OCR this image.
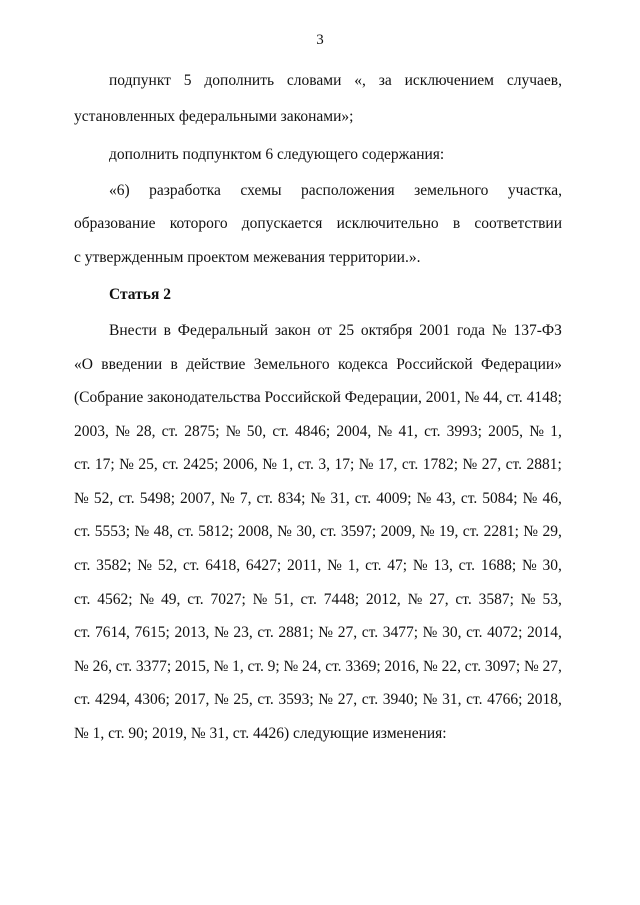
3
подпункт 5 дополнить словами «, за исключением случаев,
установленных федеральными законами»;
дополнить подпунктом 6 следующего содержания:
«6) разработка схемы расположения земельного участка,
образование которого допускается исключительно в соответствии
с утвержденным проектом межевания территории.».
Статья 2
Внести в Федеральный закон от 25 октября 2001 года № 137-ФЗ
«О введении в действие Земельного кодекса Российской Федерации»
(Собрание законодательства Российской Федерации, 2001, № 44, ст. 4148;
2003, № 28, ст. 2875; № 50, ст. 4846; 2004, № 41, ст. 3993; 2005, № 1,
ст. 17; № 25, ст. 2425; 2006, № 1, ст. 3, 17; № 17, ст. 1782; № 27, ст. 2881;
№ 52, ст. 5498; 2007, № 7, ст. 834; № 31, ст. 4009; № 43, ст. 5084; № 46,
ст. 5553; № 48, ст. 5812; 2008, № 30, ст. 3597; 2009, № 19, ст. 2281; № 29,
ст. 3582; № 52, ст. 6418, 6427; 2011, № 1, ст. 47; № 13, ст. 1688; № 30,
ст. 4562; № 49, ст. 7027; № 51, ст. 7448; 2012, № 27, ст. 3587; № 53,
ст. 7614, 7615; 2013, № 23, ст. 2881; № 27, ст. 3477; № 30, ст. 4072; 2014,
№ 26, ст. 3377; 2015, № 1, ст. 9; № 24, ст. 3369; 2016, № 22, ст. 3097; № 27,
ст. 4294, 4306; 2017, № 25, ст. 3593; № 27, ст. 3940; № 31, ст. 4766; 2018,
№ 1, ст. 90; 2019, № 31, ст. 4426) следующие изменения:
